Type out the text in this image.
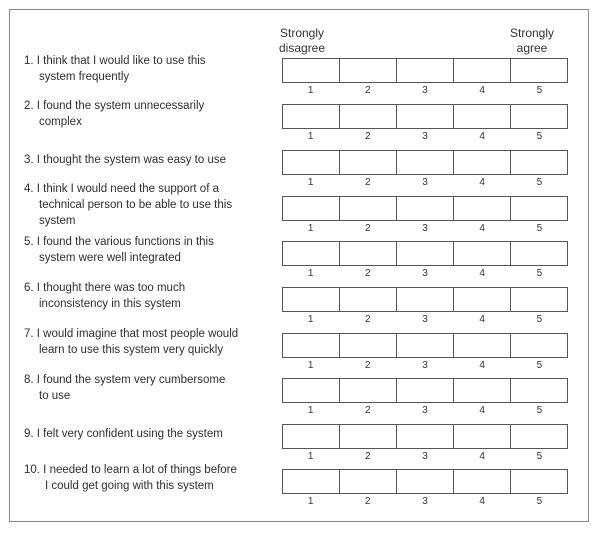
Strongly
disagree
Strongly
agree
1. I think that I would like to use this
system frequently
1	2	3	4	5
2. I found the system unnecessarily
complex
1	2	3	4	5
3. I thought the system was easy to use
1	2	3	4	5
4. I think I would need the support of a
technical person to be able to use this
system
1	2	3	4	5
5. I found the various functions in this
system were well integrated
1	2	3	4	5
6. I thought there was too much
inconsistency in this system
1	2	3	4	5
7. I would imagine that most people would
learn to use this system very quickly
1	2	3	4	5
8. I found the system very cumbersome
to use
1	2	3	4	5
9. I felt very confident using the system
1	2	3	4	5
10. I needed to learn a lot of things before
I could get going with this system
1	2	3	4	5
